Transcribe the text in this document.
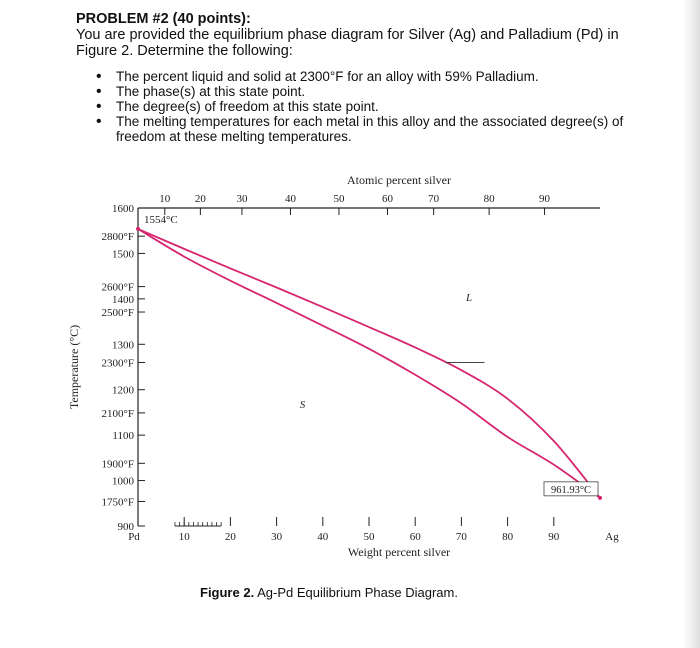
PROBLEM #2 (40 points):

You are provided the equilibrium phase diagram for Silver (Ag) and Palladium (Pd) in Figure 2. Determine the following:

• The percent liquid and solid at 2300°F for an alloy with 59% Palladium.
• The phase(s) at this state point.
• The degree(s) of freedom at this state point.
• The melting temperatures for each metal in this alloy and the associated degree(s) of freedom at these melting temperatures.
10	20	30	40	50	60	70	80	90
Pd	Ag
Weight percent silver
10 20	30	40	50	60	70	80	90
Atomic percent silver
1600
1500
1400
1300
1200
1100
1000
900
2800°F
2600°F
2500°F
2300°F
2100°F
1900°F
1750°F
Temperature (°C)
1554°C
961.93°C
L
S
Figure 2. Ag-Pd Equilibrium Phase Diagram.
